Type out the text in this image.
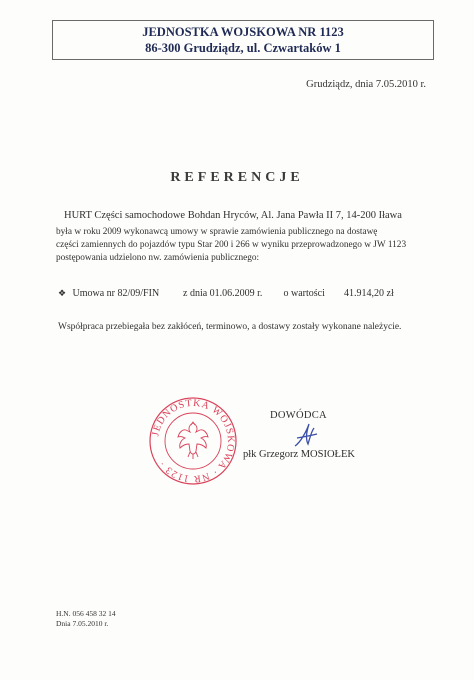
JEDNOSTKA WOJSKOWA NR 1123
86-300 Grudziądz, ul. Czwartaków 1
Grudziądz, dnia 7.05.2010 r.
REFERENCJE
HURT Części samochodowe Bohdan Hryców, Al. Jana Pawła II 7, 14-200 Iława
była w roku 2009 wykonawcą umowy w sprawie zamówienia publicznego na dostawę
części zamiennych do pojazdów typu Star 200 i 266 w wyniku przeprowadzonego w JW 1123
postępowania udzielono nw. zamówienia publicznego:
❖ Umowa nr 82/09/FIN z dnia 01.06.2009 r. o wartości 41.914,20 zł
Współpraca przebiegała bez zakłóceń, terminowo, a dostawy zostały wykonane należycie.
JEDNOSTKA WOJSKOWA · NR 1123 ·
DOWÓDCA
płk Grzegorz MOSIOŁEK
H.N. 056 458 32 14
Dnia 7.05.2010 r.
